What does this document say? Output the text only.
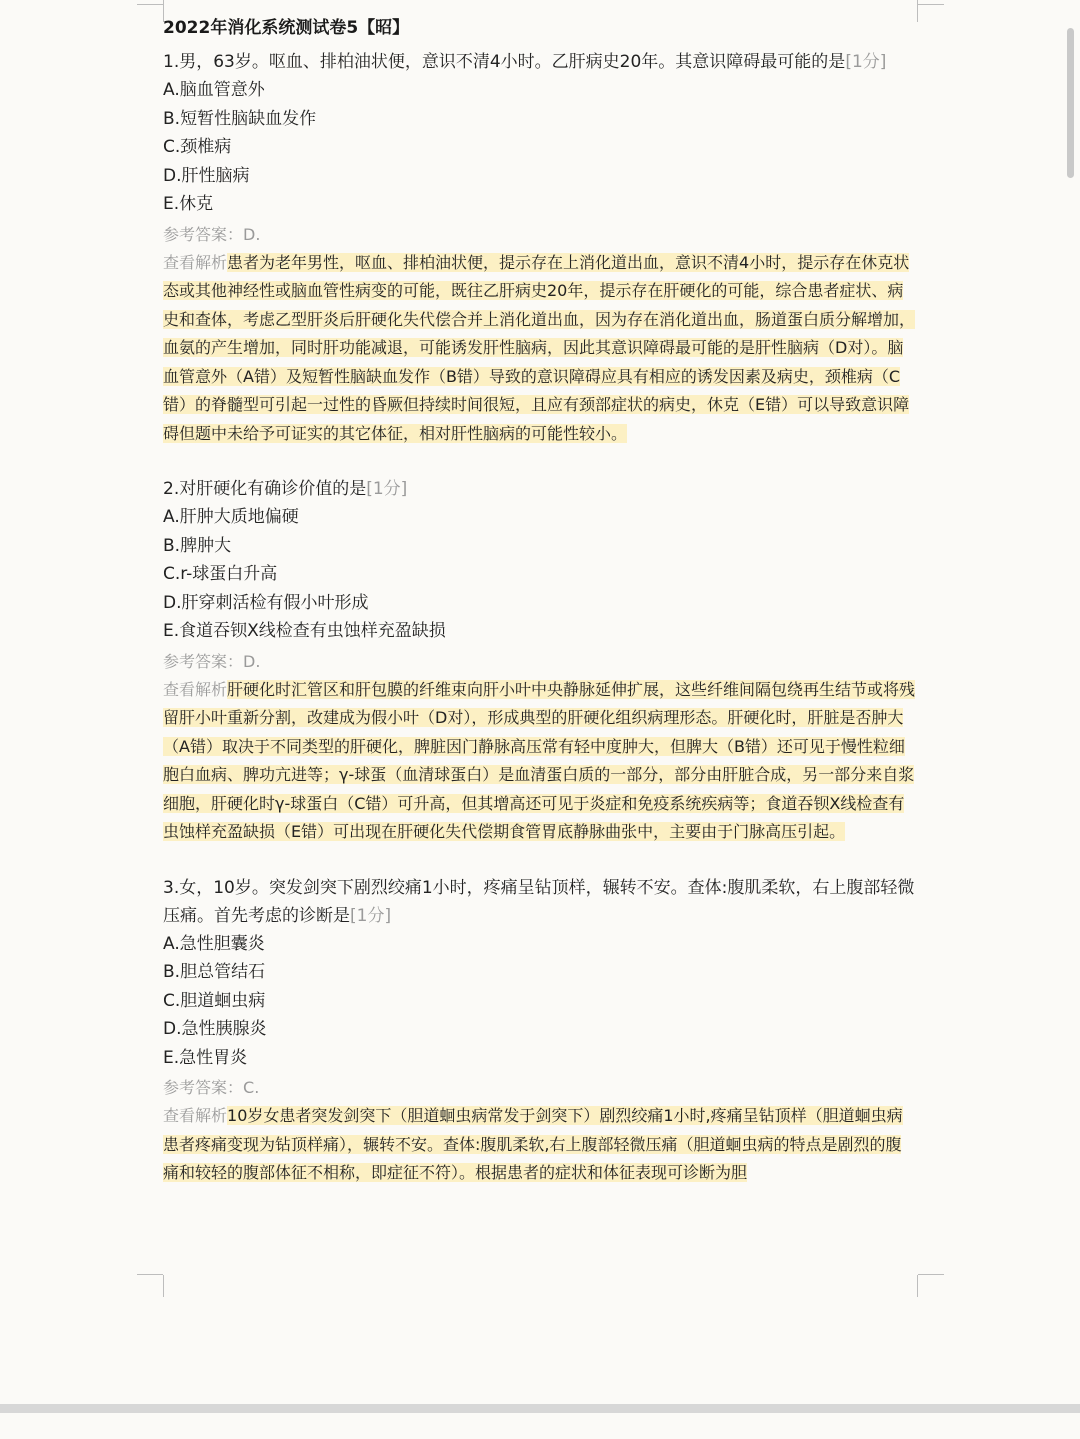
2022年消化系统测试卷5【昭】
1.男，63岁。呕血、排柏油状便，意识不清4小时。乙肝病史20年。其意识障碍最可能的是[1分]
A.脑血管意外
B.短暂性脑缺血发作
C.颈椎病
D.肝性脑病
E.休克
参考答案：D.
查看解析患者为老年男性，呕血、排柏油状便，提示存在上消化道出血，意识不清4小时，提示存在休克状态或其他神经性或脑血管性病变的可能，既往乙肝病史20年，提示存在肝硬化的可能，综合患者症状、病史和查体，考虑乙型肝炎后肝硬化失代偿合并上消化道出血，因为存在消化道出血，肠道蛋白质分解增加，血氨的产生增加，同时肝功能减退，可能诱发肝性脑病，因此其意识障碍最可能的是肝性脑病（D对）。脑血管意外（A错）及短暂性脑缺血发作（B错）导致的意识障碍应具有相应的诱发因素及病史，颈椎病（C错）的脊髓型可引起一过性的昏厥但持续时间很短，且应有颈部症状的病史，休克（E错）可以导致意识障碍但题中未给予可证实的其它体征，相对肝性脑病的可能性较小。
2.对肝硬化有确诊价值的是[1分]
A.肝肿大质地偏硬
B.脾肿大
C.r-球蛋白升高
D.肝穿刺活检有假小叶形成
E.食道吞钡X线检查有虫蚀样充盈缺损
参考答案：D.
查看解析肝硬化时汇管区和肝包膜的纤维束向肝小叶中央静脉延伸扩展，这些纤维间隔包绕再生结节或将残留肝小叶重新分割，改建成为假小叶（D对），形成典型的肝硬化组织病理形态。肝硬化时，肝脏是否肿大（A错）取决于不同类型的肝硬化，脾脏因门静脉高压常有轻中度肿大，但脾大（B错）还可见于慢性粒细胞白血病、脾功亢进等；γ-球蛋（血清球蛋白）是血清蛋白质的一部分，部分由肝脏合成，另一部分来自浆细胞，肝硬化时γ-球蛋白（C错）可升高，但其增高还可见于炎症和免疫系统疾病等；食道吞钡X线检查有虫蚀样充盈缺损（E错）可出现在肝硬化失代偿期食管胃底静脉曲张中，主要由于门脉高压引起。
3.女，10岁。突发剑突下剧烈绞痛1小时，疼痛呈钻顶样，辗转不安。查体:腹肌柔软，右上腹部轻微压痛。首先考虑的诊断是[1分]
A.急性胆囊炎
B.胆总管结石
C.胆道蛔虫病
D.急性胰腺炎
E.急性胃炎
参考答案：C.
查看解析10岁女患者突发剑突下（胆道蛔虫病常发于剑突下）剧烈绞痛1小时,疼痛呈钻顶样（胆道蛔虫病患者疼痛变现为钻顶样痛），辗转不安。查体:腹肌柔软,右上腹部轻微压痛（胆道蛔虫病的特点是剧烈的腹痛和较轻的腹部体征不相称，即症征不符）。根据患者的症状和体征表现可诊断为胆
